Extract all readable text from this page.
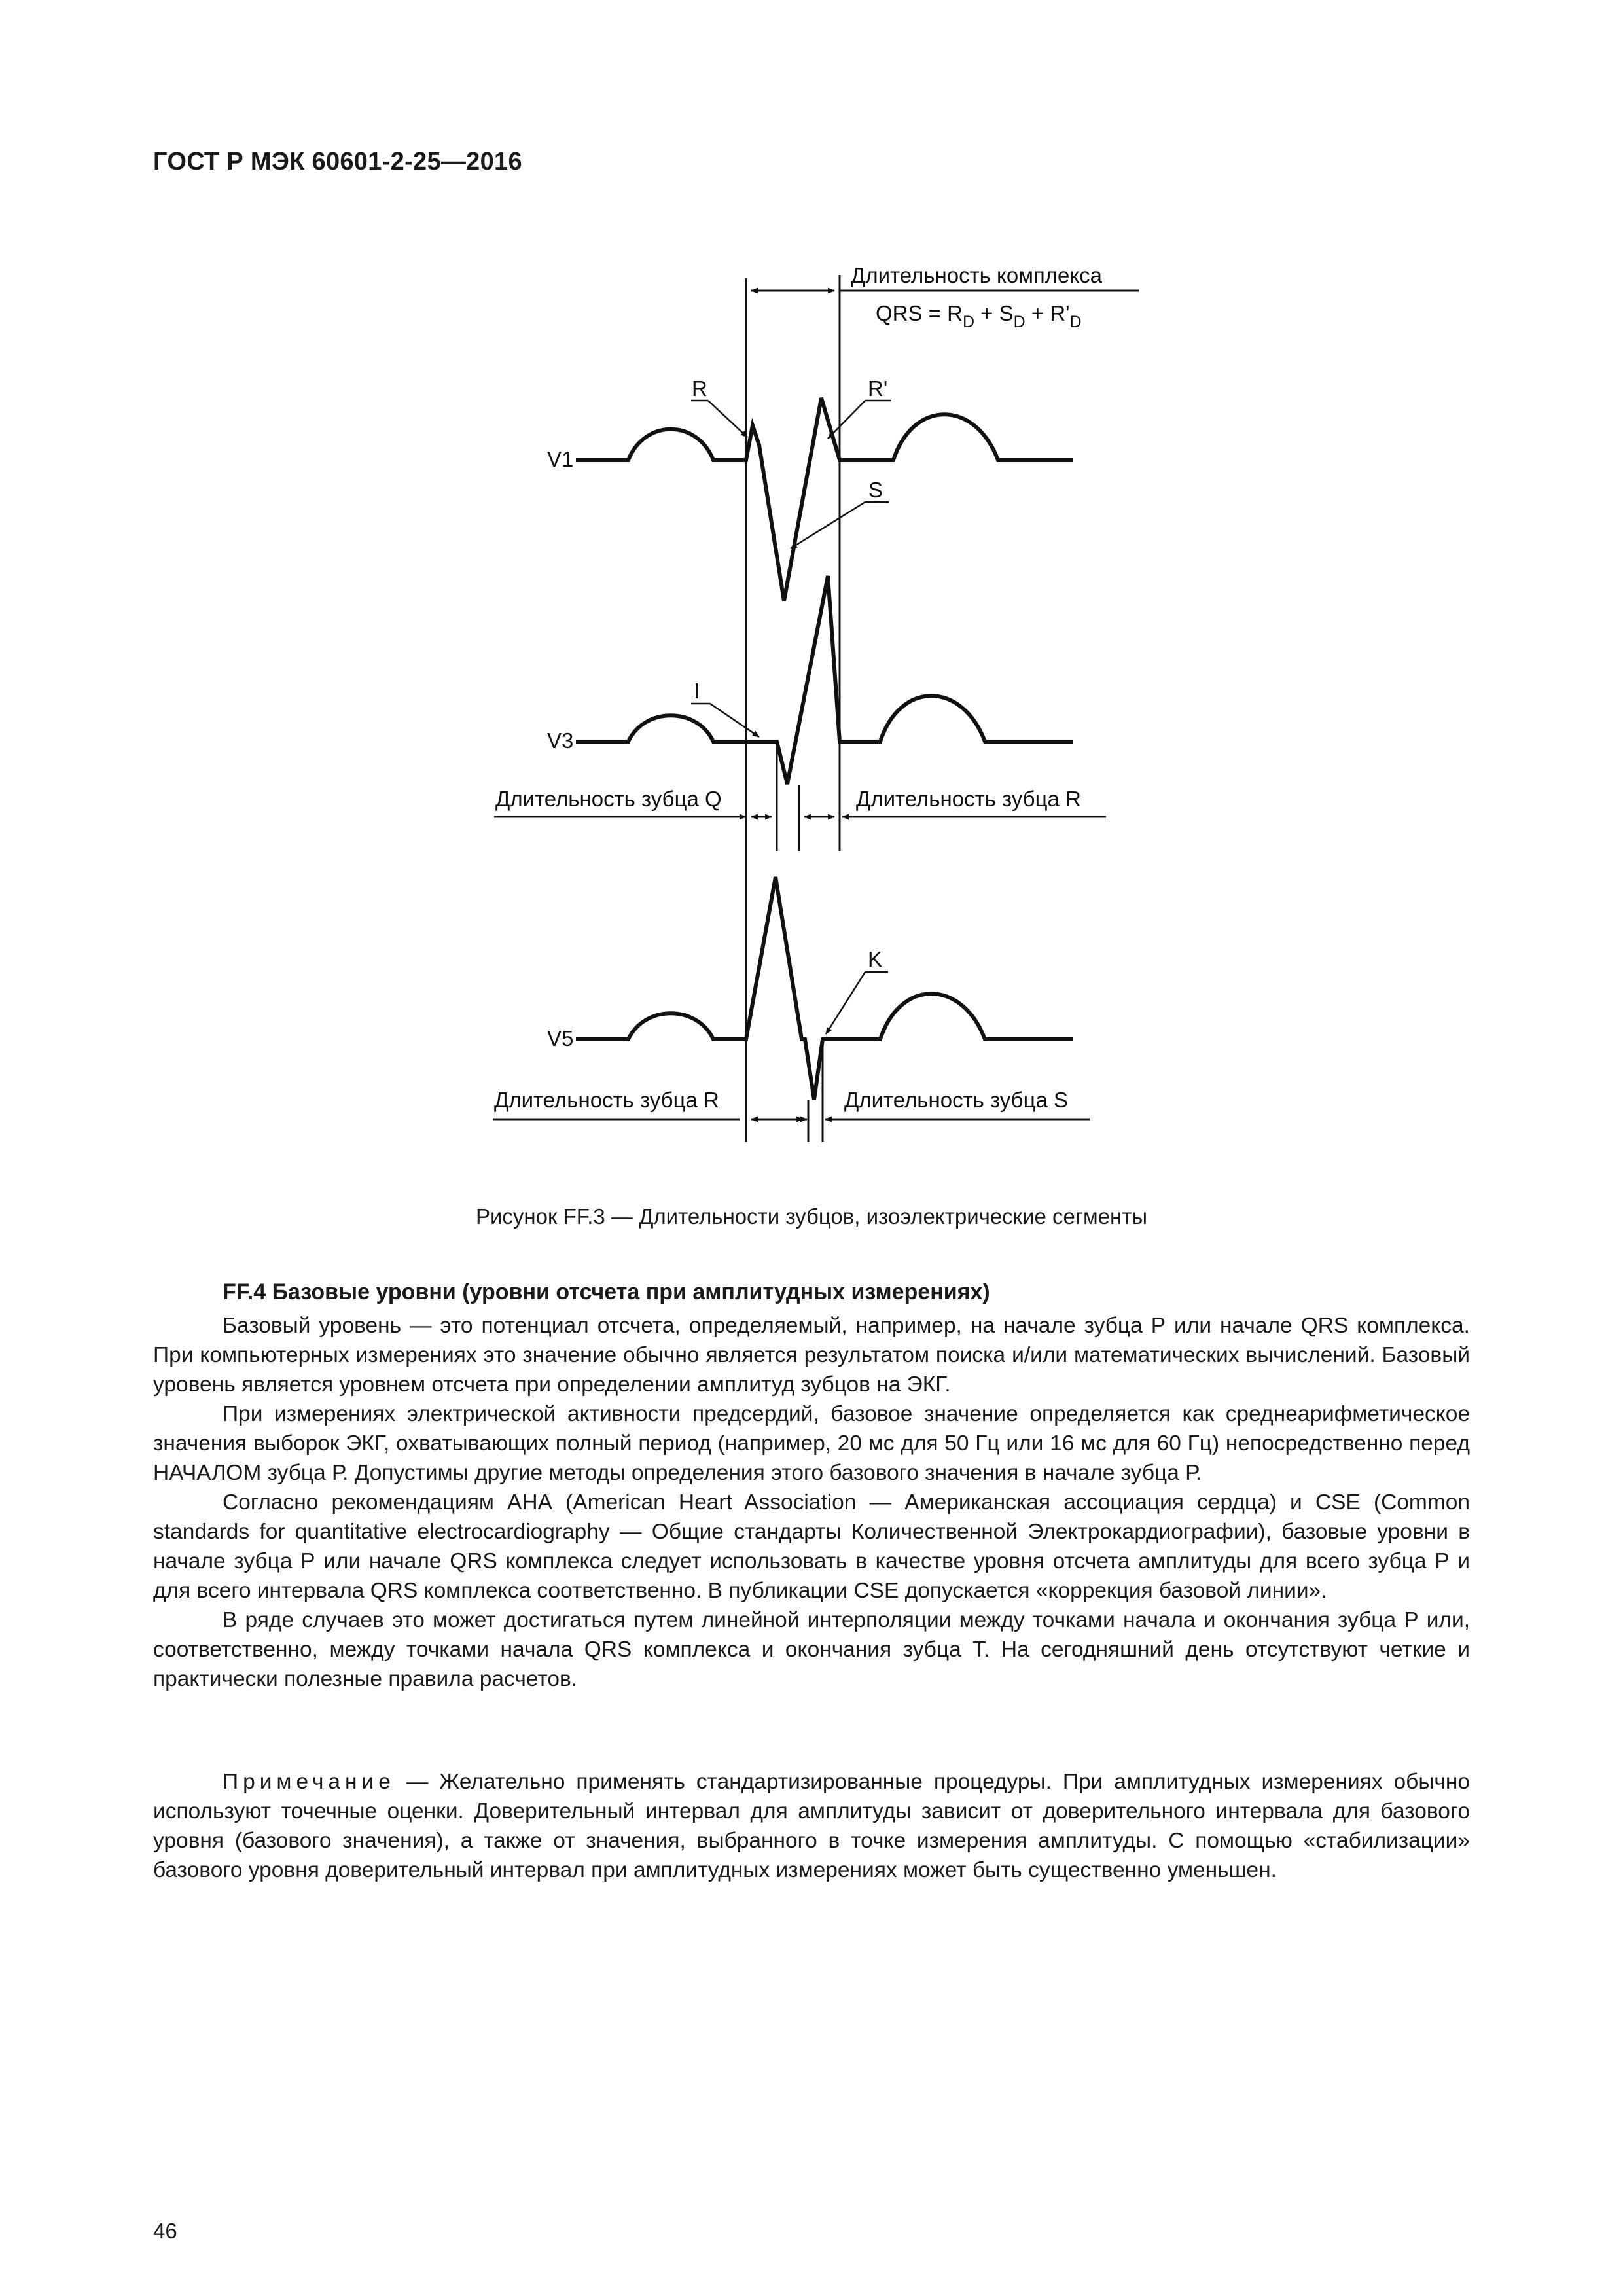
ГОСТ Р МЭК 60601-2-25—2016
Длительность комплекса
QRS = $R_D + S_D + R'_D$
V1
R	R'
S
V3
I
Длительность зубца Q	Длительность зубца R
V5
K
Длительность зубца R	Длительность зубца S
Рисунок FF.3 — Длительности зубцов, изоэлектрические сегменты
FF.4 Базовые уровни (уровни отсчета при амплитудных измерениях)

Базовый уровень — это потенциал отсчета, определяемый, например, на начале зубца Р или начале QRS комплекса. При компьютерных измерениях это значение обычно является результатом поиска и/или математических вычислений. Базовый уровень является уровнем отсчета при определении амплитуд зубцов на ЭКГ.

При измерениях электрической активности предсердий, базовое значение определяется как среднеарифметическое значения выборок ЭКГ, охватывающих полный период (например, 20 мс для 50 Гц или 16 мс для 60 Гц) непосредственно перед НАЧАЛОМ зубца Р. Допустимы другие методы определения этого базового значения в начале зубца Р.

Согласно рекомендациям АНА (American Heart Association — Американская ассоциация сердца) и CSE (Common standards for quantitative electrocardiography — Общие стандарты Количественной Электрокардиографии), базовые уровни в начале зубца Р или начале QRS комплекса следует использовать в качестве уровня отсчета амплитуды для всего зубца Р и для всего интервала QRS комплекса соответственно. В публикации CSE допускается «коррекция базовой линии».

В ряде случаев это может достигаться путем линейной интерполяции между точками начала и окончания зубца Р или, соответственно, между точками начала QRS комплекса и окончания зубца Т. На сегодняшний день отсутствуют четкие и практически полезные правила расчетов.

Примечание — Желательно применять стандартизированные процедуры. При амплитудных измерениях обычно используют точечные оценки. Доверительный интервал для амплитуды зависит от доверительного интервала для базового уровня (базового значения), а также от значения, выбранного в точке измерения амплитуды. С помощью «стабилизации» базового уровня доверительный интервал при амплитудных измерениях может быть существенно уменьшен.
46
